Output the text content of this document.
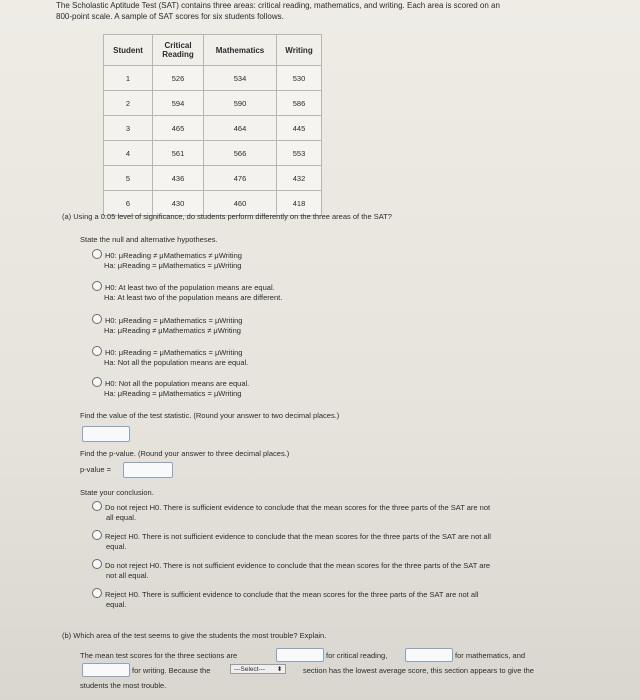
The Scholastic Aptitude Test (SAT) contains three areas: critical reading, mathematics, and writing. Each area is scored on an
800-point scale. A sample of SAT scores for six students follows.
Student	Critical Reading	Mathematics	Writing
1	526	534	530
2	594	590	586
3	465	464	445
4	561	566	553
5	436	476	432
6	430	460	418
(a) Using a 0.05 level of significance, do students perform differently on the three areas of the SAT?
State the null and alternative hypotheses.
H0: μReading ≠ μMathematics ≠ μWriting
Ha: μReading = μMathematics = μWriting
H0: At least two of the population means are equal.
Ha: At least two of the population means are different.
H0: μReading = μMathematics = μWriting
Ha: μReading ≠ μMathematics ≠ μWriting
H0: μReading = μMathematics = μWriting
Ha: Not all the population means are equal.
H0: Not all the population means are equal.
Ha: μReading = μMathematics = μWriting
Find the value of the test statistic. (Round your answer to two decimal places.)
Find the p-value. (Round your answer to three decimal places.)
p-value =
State your conclusion.
Do not reject H0. There is sufficient evidence to conclude that the mean scores for the three parts of the SAT are not
all equal.
Reject H0. There is not sufficient evidence to conclude that the mean scores for the three parts of the SAT are not all
equal.
Do not reject H0. There is not sufficient evidence to conclude that the mean scores for the three parts of the SAT are
not all equal.
Reject H0. There is sufficient evidence to conclude that the mean scores for the three parts of the SAT are not all
equal.
(b) Which area of the test seems to give the students the most trouble? Explain.
The mean test scores for the three sections are	for critical reading,	for mathematics, and
for writing. Because the	---Select--- ⬍	section has the lowest average score, this section appears to give the
students the most trouble.
